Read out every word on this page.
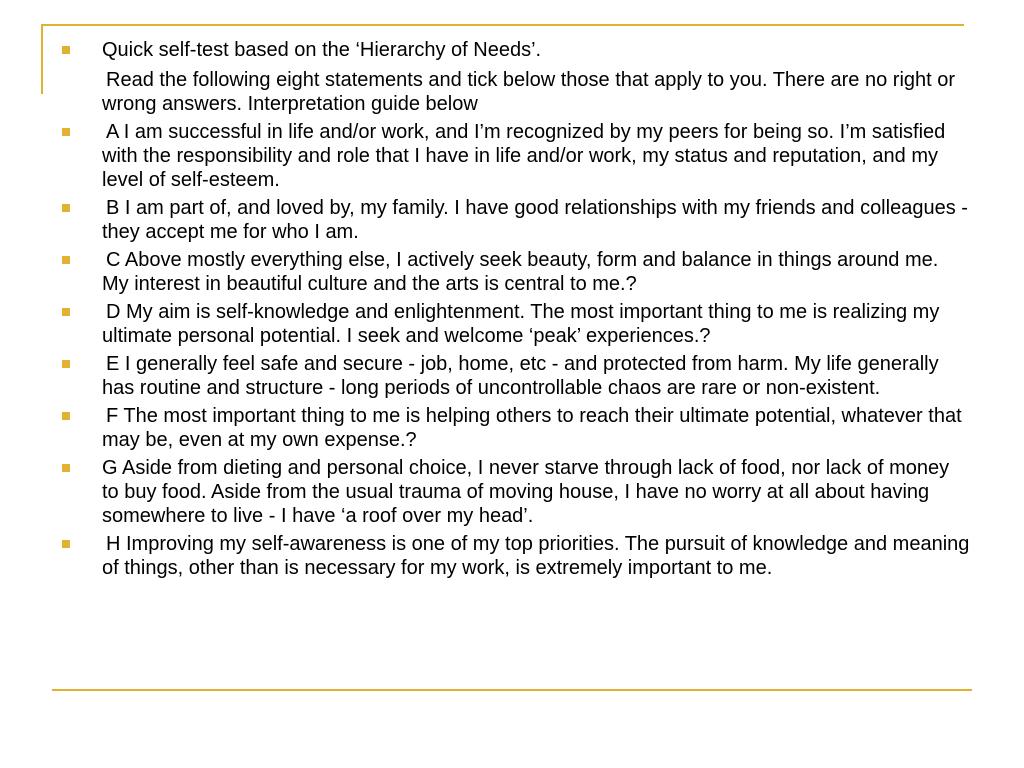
Quick self-test based on the ‘Hierarchy of Needs’.
Read the following eight statements and tick below those that apply to you. There are no right or wrong answers. Interpretation guide below
A I am successful in life and/or work, and I’m recognized by my peers for being so. I’m satisfied with the responsibility and role that I have in life and/or work, my status and reputation, and my level of self-esteem.
B I am part of, and loved by, my family. I have good relationships with my friends and colleagues - they accept me for who I am.
C Above mostly everything else, I actively seek beauty, form and balance in things around me. My interest in beautiful culture and the arts is central to me.?
D My aim is self-knowledge and enlightenment. The most important thing to me is realizing my ultimate personal potential. I seek and welcome ‘peak’ experiences.?
E I generally feel safe and secure - job, home, etc - and protected from harm. My life generally has routine and structure - long periods of uncontrollable chaos are rare or non-existent.
F The most important thing to me is helping others to reach their ultimate potential, whatever that may be, even at my own expense.?
G Aside from dieting and personal choice, I never starve through lack of food, nor lack of money to buy food. Aside from the usual trauma of moving house, I have no worry at all about having somewhere to live - I have ‘a roof over my head’.
H Improving my self-awareness is one of my top priorities. The pursuit of knowledge and meaning of things, other than is necessary for my work, is extremely important to me.
